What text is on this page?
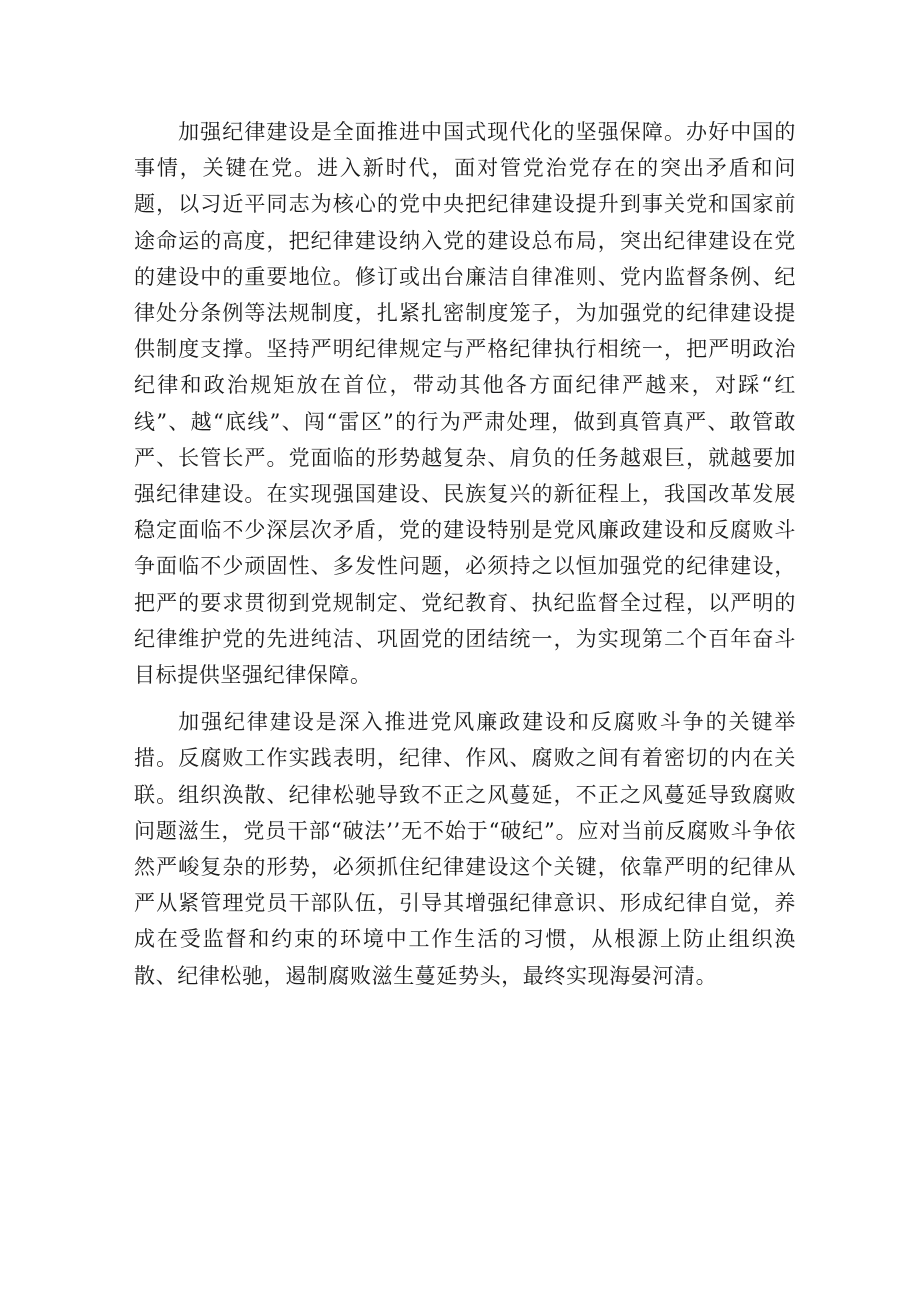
加强纪律建设是全面推进中国式现代化的坚强保障。办好中国的事情，关键在党。进入新时代，面对管党治党存在的突出矛盾和问题，以习近平同志为核心的党中央把纪律建设提升到事关党和国家前途命运的高度，把纪律建设纳入党的建设总布局，突出纪律建设在党的建设中的重要地位。修订或出台廉洁自律准则、党内监督条例、纪律处分条例等法规制度，扎紧扎密制度笼子，为加强党的纪律建设提供制度支撑。坚持严明纪律规定与严格纪律执行相统一，把严明政治纪律和政治规矩放在首位，带动其他各方面纪律严越来，对踩“红线”、越“底线”、闯“雷区”的行为严肃处理，做到真管真严、敢管敢严、长管长严。党面临的形势越复杂、肩负的任务越艰巨，就越要加强纪律建设。在实现强国建设、民族复兴的新征程上，我国改革发展稳定面临不少深层次矛盾，党的建设特别是党风廉政建设和反腐败斗争面临不少顽固性、多发性问题，必须持之以恒加强党的纪律建设，把严的要求贯彻到党规制定、党纪教育、执纪监督全过程，以严明的纪律维护党的先进纯洁、巩固党的团结统一，为实现第二个百年奋斗目标提供坚强纪律保障。

加强纪律建设是深入推进党风廉政建设和反腐败斗争的关键举措。反腐败工作实践表明，纪律、作风、腐败之间有着密切的内在关联。组织涣散、纪律松驰导致不正之风蔓延，不正之风蔓延导致腐败问题滋生，党员干部“破法’’无不始于“破纪”。应对当前反腐败斗争依然严峻复杂的形势，必须抓住纪律建设这个关键，依靠严明的纪律从严从紧管理党员干部队伍，引导其增强纪律意识、形成纪律自觉，养成在受监督和约束的环境中工作生活的习惯，从根源上防止组织涣散、纪律松驰，遏制腐败滋生蔓延势头，最终实现海晏河清。
